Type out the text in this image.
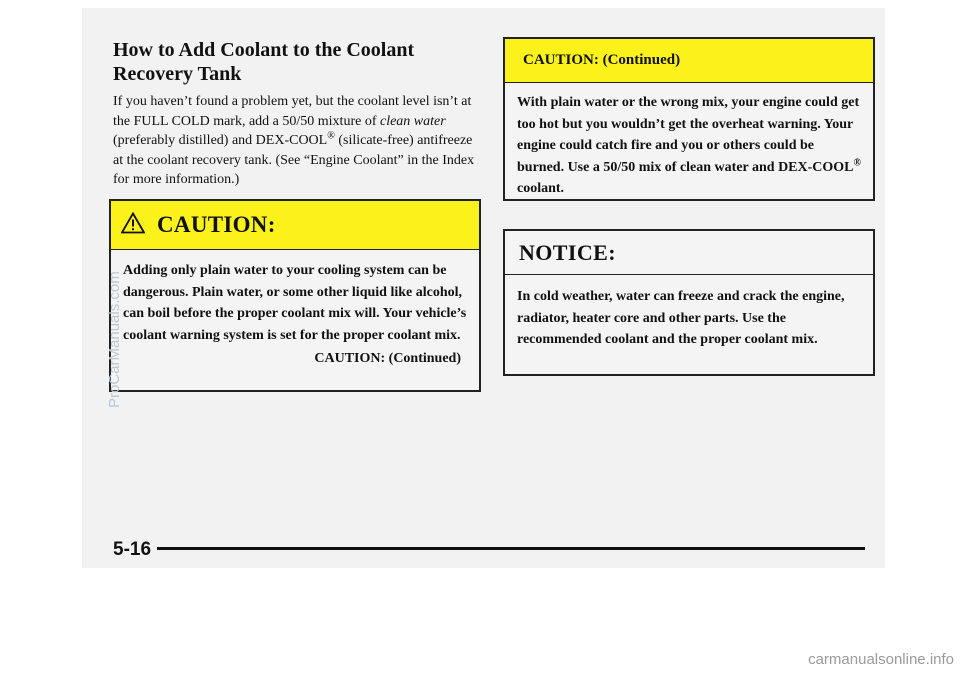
How to Add Coolant to the Coolant
Recovery Tank

If you haven’t found a problem yet, but the coolant level isn’t at the FULL COLD mark, add a 50/50 mixture of clean water (preferably distilled) and DEX-COOL® (silicate-free) antifreeze at the coolant recovery tank. (See “Engine Coolant” in the Index for more information.)

CAUTION:
Adding only plain water to your cooling system can be dangerous. Plain water, or some other liquid like alcohol, can boil before the proper coolant mix will. Your vehicle’s coolant warning system is set for the proper coolant mix.
CAUTION: (Continued)
CAUTION: (Continued)
With plain water or the wrong mix, your engine could get too hot but you wouldn’t get the overheat warning. Your engine could catch fire and you or others could be burned. Use a 50/50 mix of clean water and DEX-COOL® coolant.
NOTICE:
In cold weather, water can freeze and crack the engine, radiator, heater core and other parts. Use the recommended coolant and the proper coolant mix.
5-16
ProCarManuals.com
carmanualsonline.info
